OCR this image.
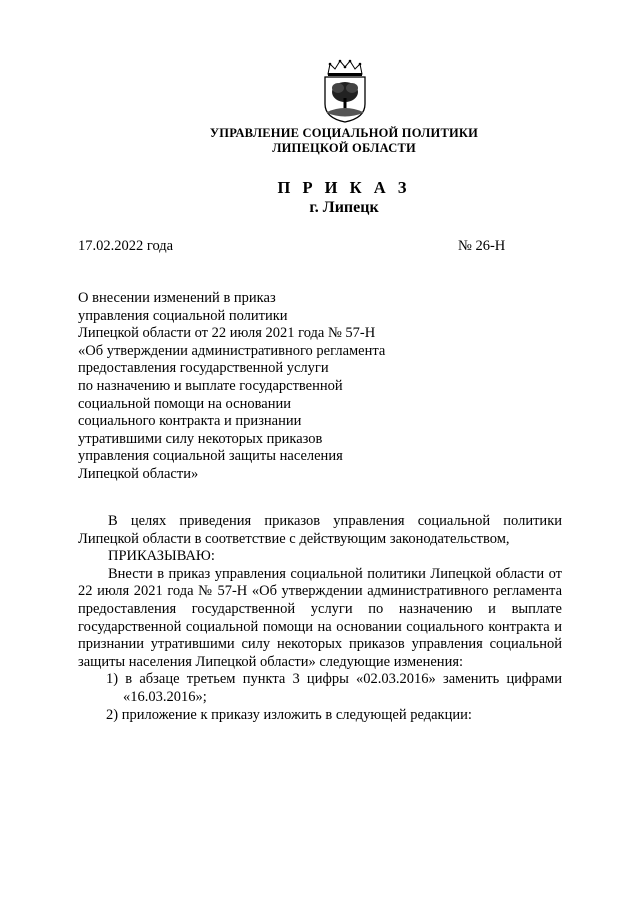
УПРАВЛЕНИЕ СОЦИАЛЬНОЙ ПОЛИТИКИ
ЛИПЕЦКОЙ ОБЛАСТИ
П Р И К А З
г. Липецк
17.02.2022 года	№ 26-Н
О внесении изменений в приказ
управления социальной политики
Липецкой области от 22 июля 2021 года № 57-Н
«Об утверждении административного регламента
предоставления государственной услуги
по назначению и выплате государственной
социальной помощи на основании
социального контракта и признании
утратившими силу некоторых приказов
управления социальной защиты населения
Липецкой области»

В целях приведения приказов управления социальной политики Липецкой области в соответствие с действующим законодательством,

ПРИКАЗЫВАЮ:

Внести в приказ управления социальной политики Липецкой области от 22 июля 2021 года № 57-Н «Об утверждении административного регламента предоставления государственной услуги по назначению и выплате государственной социальной помощи на основании социального контракта и признании утратившими силу некоторых приказов управления социальной защиты населения Липецкой области» следующие изменения:

1) в абзаце третьем пункта 3 цифры «02.03.2016» заменить цифрами «16.03.2016»;

2) приложение к приказу изложить в следующей редакции:
